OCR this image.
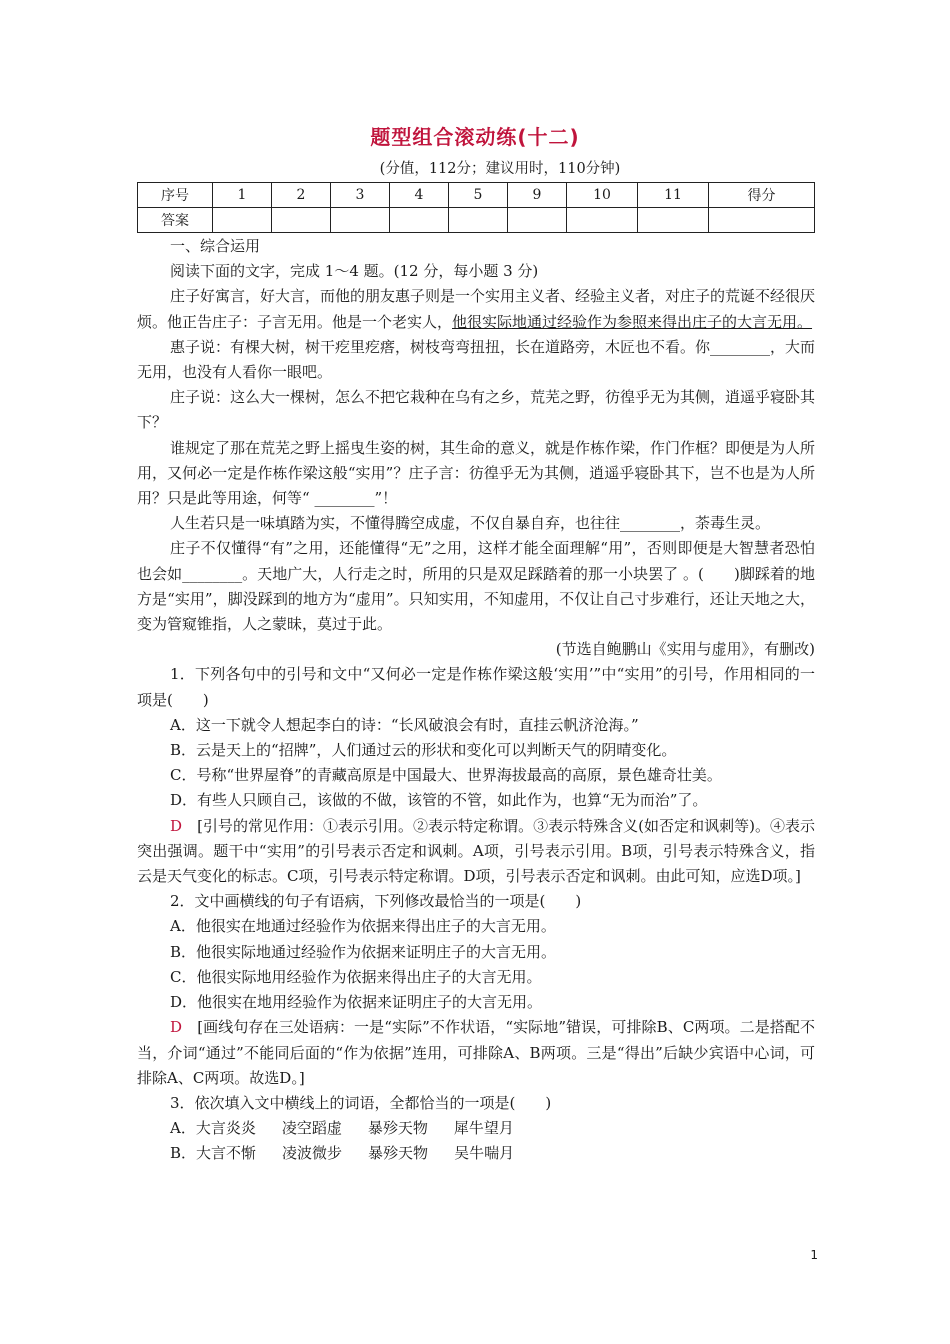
题型组合滚动练(十二)
(分值，112分；建议用时，110分钟)
序号	1	2	3	4	5	9	10	11	得分
答案									

一、综合运用

阅读下面的文字，完成 1～4 题。(12 分，每小题 3 分)

庄子好寓言，好大言，而他的朋友惠子则是一个实用主义者、经验主义者，对庄子的荒诞不经很厌烦。他正告庄子：子言无用。他是一个老实人，他很实际地通过经验作为参照来得出庄子的大言无用。

惠子说：有棵大树，树干疙里疙瘩，树枝弯弯扭扭，长在道路旁，木匠也不看。你________，大而无用，也没有人看你一眼吧。

庄子说：这么大一棵树，怎么不把它栽种在乌有之乡，荒芜之野，彷徨乎无为其侧，逍遥乎寝卧其下？

谁规定了那在荒芜之野上摇曳生姿的树，其生命的意义，就是作栋作梁，作门作框？即便是为人所用，又何必一定是作栋作梁这般“实用”？庄子言：彷徨乎无为其侧，逍遥乎寝卧其下，岂不也是为人所用？只是此等用途，何等“ ________”！

人生若只是一味填踏为实，不懂得腾空成虚，不仅自暴自弃，也往往________，荼毒生灵。

庄子不仅懂得“有”之用，还能懂得“无”之用，这样才能全面理解“用”，否则即便是大智慧者恐怕也会如________。天地广大，人行走之时，所用的只是双足踩踏着的那一小块罢了 。(　　)脚踩着的地方是“实用”，脚没踩到的地方为“虚用”。只知实用，不知虚用，不仅让自己寸步难行，还让天地之大，变为管窥锥指，人之蒙昧，莫过于此。

(节选自鲍鹏山《实用与虚用》，有删改)

1．下列各句中的引号和文中“又何必一定是作栋作梁这般‘实用’”中“实用”的引号，作用相同的一项是(　　)

A．这一下就令人想起李白的诗：“长风破浪会有时，直挂云帆济沧海。”

B．云是天上的“招牌”，人们通过云的形状和变化可以判断天气的阴晴变化。

C．号称“世界屋脊”的青藏高原是中国最大、世界海拔最高的高原，景色雄奇壮美。

D．有些人只顾自己，该做的不做，该管的不管，如此作为，也算“无为而治”了。

D　 [引号的常见作用：①表示引用。②表示特定称谓。③表示特殊含义(如否定和讽刺等)。④表示突出强调。题干中“实用”的引号表示否定和讽刺。A项，引号表示引用。B项，引号表示特殊含义，指云是天气变化的标志。C项，引号表示特定称谓。D项，引号表示否定和讽刺。由此可知，应选D项。]

2．文中画横线的句子有语病，下列修改最恰当的一项是(　　)

A．他很实在地通过经验作为依据来得出庄子的大言无用。

B．他很实际地通过经验作为依据来证明庄子的大言无用。

C．他很实际地用经验作为依据来得出庄子的大言无用。

D．他很实在地用经验作为依据来证明庄子的大言无用。

D　 [画线句存在三处语病：一是“实际”不作状语，“实际地”错误，可排除B、C两项。二是搭配不当，介词“通过”不能同后面的“作为依据”连用，可排除A、B两项。三是“得出”后缺少宾语中心词，可排除A、C两项。故选D。]

3．依次填入文中横线上的词语，全都恰当的一项是(　　)

A．大言炎炎 凌空蹈虚 暴殄天物 犀牛望月

B．大言不惭 凌波微步 暴殄天物 吴牛喘月

1
